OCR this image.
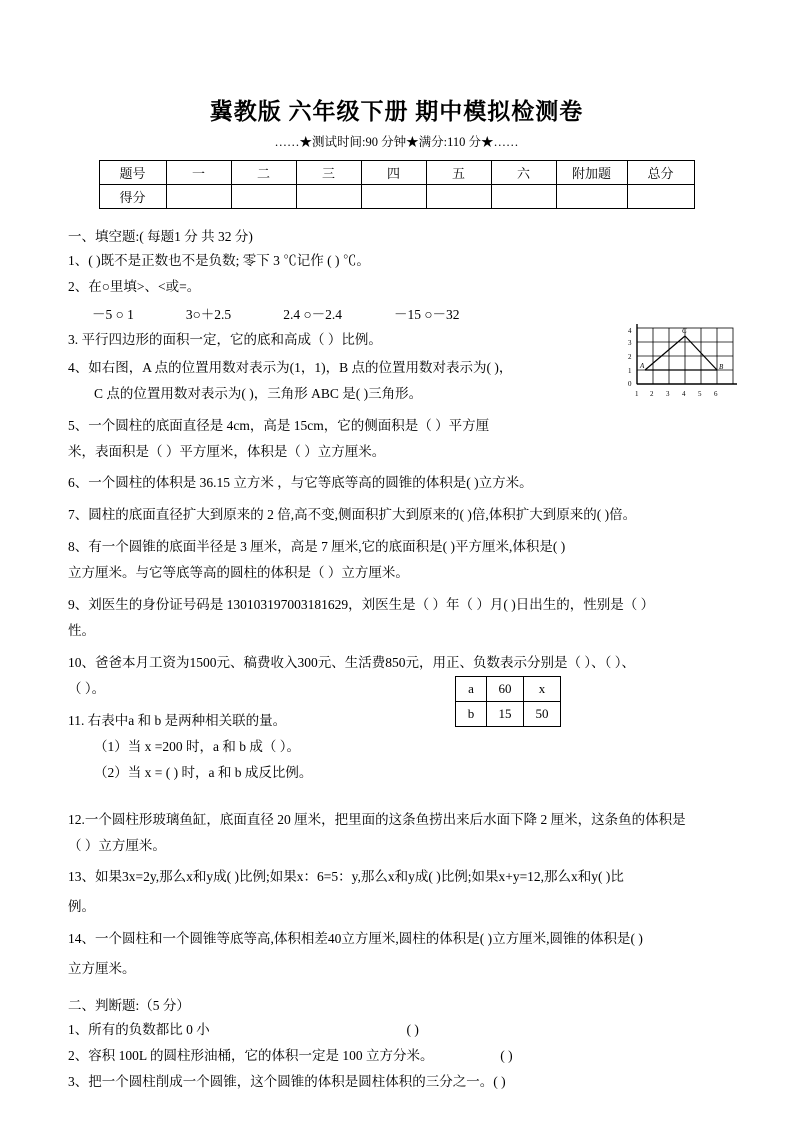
冀教版 六年级下册 期中模拟检测卷
……★测试时间:90 分钟★满分:110 分★……
题号	一	二	三	四	五	六	附加题	总分
得分								
一、填空题:( 每题1 分 共 32 分)
1、( )既不是正数也不是负数; 零下 3 ℃记作 ( ) ℃。
2、在○里填>、<或=。
－5 ○ 1	3○＋2.5	2.4 ○－2.4	－15 ○－32
3. 平行四边形的面积一定，它的底和高成（ ）比例。
4、如右图，A 点的位置用数对表示为(1，1)，B 点的位置用数对表示为( )，
C 点的位置用数对表示为( )，三角形 ABC 是( )三角形。
A	B
C
0
1
2
3
4
1 2 3 4 5 6
5、一个圆柱的底面直径是 4cm，高是 15cm，它的侧面积是（ ）平方厘
米，表面积是（ ）平方厘米，体积是（ ）立方厘米。
6、一个圆柱的体积是 36.15 立方米 ，与它等底等高的圆锥的体积是( )立方米。
7、圆柱的底面直径扩大到原来的 2 倍,高不变,侧面积扩大到原来的( )倍,体积扩大到原来的( )倍。
8、有一个圆锥的底面半径是 3 厘米，高是 7 厘米,它的底面积是( )平方厘米,体积是( )
立方厘米。与它等底等高的圆柱的体积是（ ）立方厘米。
9、刘医生的身份证号码是 130103197003181629，刘医生是（ ）年（ ）月( )日出生的，性别是（ ）
性。
10、爸爸本月工资为1500元、稿费收入300元、生活费850元，用正、负数表示分别是（ ）、（ ）、
（ ）。
11. 右表中a 和 b 是两种相关联的量。
（1）当 x =200 时，a 和 b 成（ ）。
（2）当 x = ( ) 时，a 和 b 成反比例。
a	60	x
b	15	50
12.一个圆柱形玻璃鱼缸，底面直径 20 厘米，把里面的这条鱼捞出来后水面下降 2 厘米，这条鱼的体积是
（ ）立方厘米。
13、如果3x=2y,那么x和y成( )比例;如果x：6=5：y,那么x和y成( )比例;如果x+y=12,那么x和y( )比
例。
14、一个圆柱和一个圆锥等底等高,体积相差40立方厘米,圆柱的体积是( )立方厘米,圆锥的体积是( )
立方厘米。
二、判断题:（5 分）
1、所有的负数都比 0 小	( )
2、容积 100L 的圆柱形油桶，它的体积一定是 100 立方分米。	( )
3、把一个圆柱削成一个圆锥，这个圆锥的体积是圆柱体积的三分之一。( )
